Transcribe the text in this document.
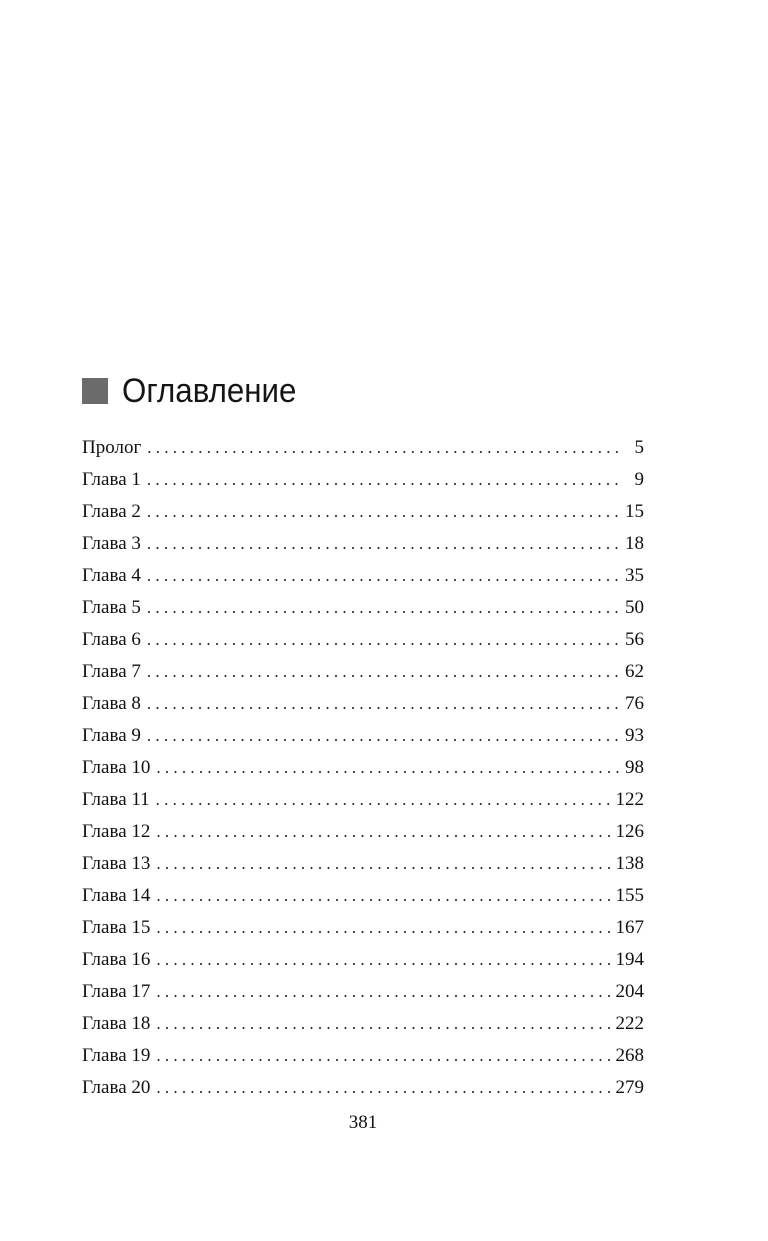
Оглавление
Пролог . . .	5
Глава 1 . . .	9
Глава 2 . . .	15
Глава 3 . . .	18
Глава 4 . . .	35
Глава 5 . . .	50
Глава 6 . . .	56
Глава 7 . . .	62
Глава 8 . . .	76
Глава 9 . . .	93
Глава 10 . . .	98
Глава 11 . . .	122
Глава 12 . . .	126
Глава 13 . . .	138
Глава 14 . . .	155
Глава 15 . . .	167
Глава 16 . . .	194
Глава 17 . . .	204
Глава 18 . . .	222
Глава 19 . . .	268
Глава 20 . . .	279
381
